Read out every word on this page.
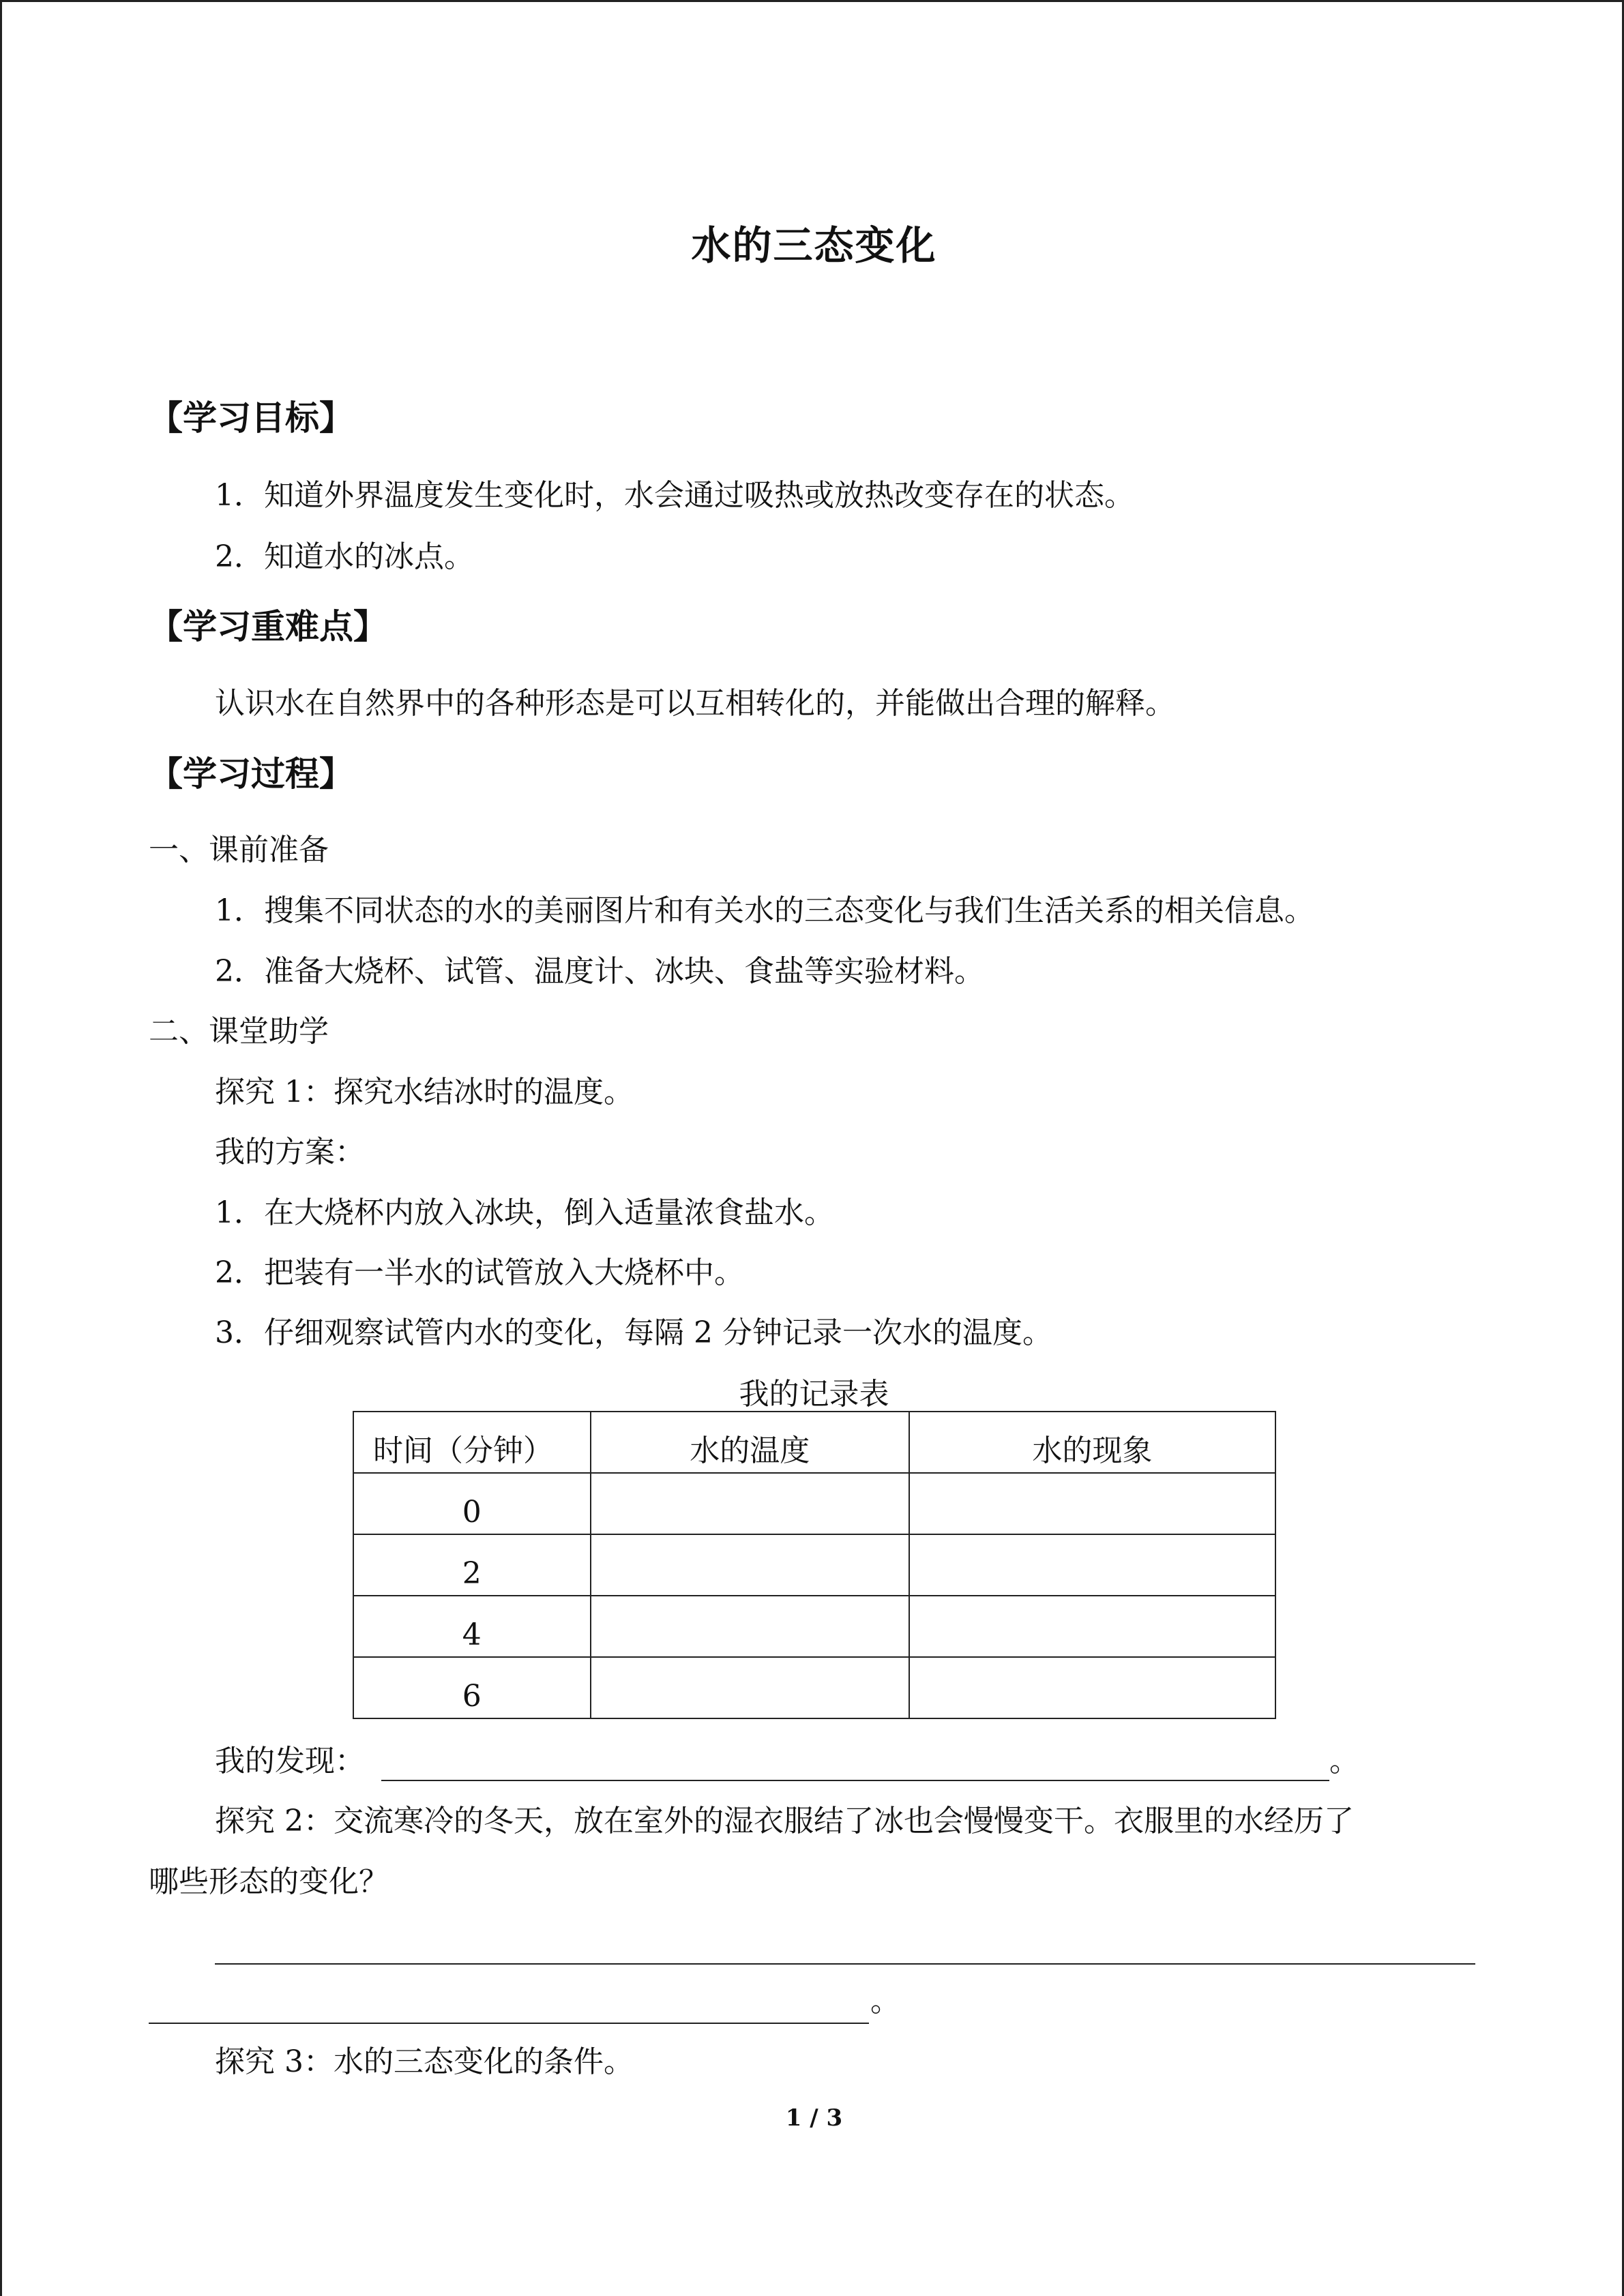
水的三态变化
【学习目标】
1．知道外界温度发生变化时，水会通过吸热或放热改变存在的状态。
2．知道水的冰点。
【学习重难点】
认识水在自然界中的各种形态是可以互相转化的，并能做出合理的解释。
【学习过程】
一、课前准备
1．搜集不同状态的水的美丽图片和有关水的三态变化与我们生活关系的相关信息。
2．准备大烧杯、试管、温度计、冰块、食盐等实验材料。
二、课堂助学
探究 1：探究水结冰时的温度。
我的方案：
1．在大烧杯内放入冰块，倒入适量浓食盐水。
2．把装有一半水的试管放入大烧杯中。
3．仔细观察试管内水的变化，每隔 2 分钟记录一次水的温度。
我的记录表
时间（分钟）	水的温度	水的现象
0		
2		
4		
6		
我的发现：	。
探究 2：交流寒冷的冬天，放在室外的湿衣服结了冰也会慢慢变干。衣服里的水经历了
哪些形态的变化？
。
探究 3：水的三态变化的条件。
1 / 3
